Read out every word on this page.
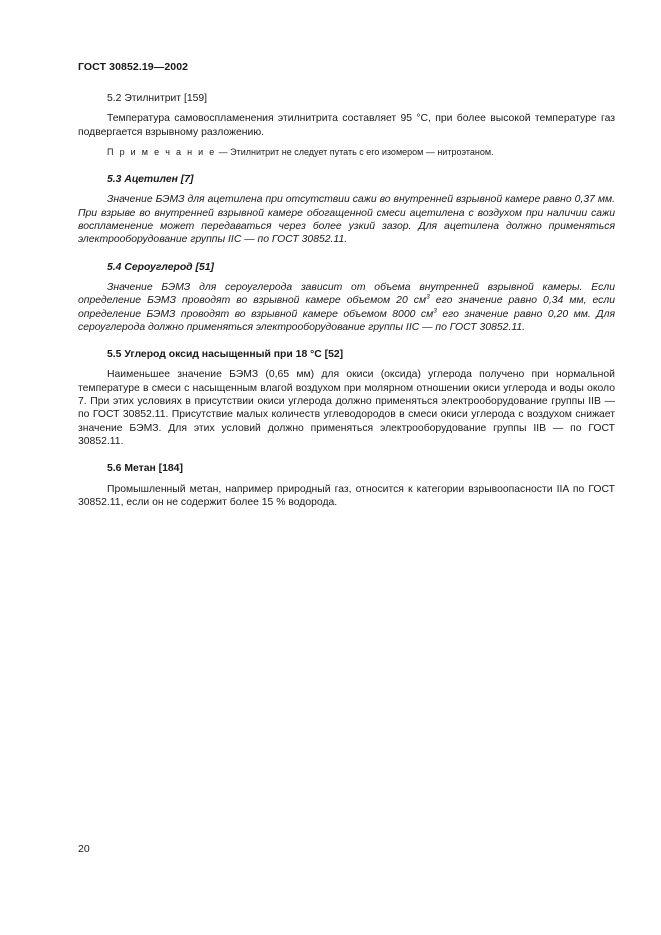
ГОСТ 30852.19—2002

5.2 Этилнитрит [159]

Температура самовоспламенения этилнитрита составляет 95 °С, при более высокой температуре газ подвергается взрывному разложению.

П р и м е ч а н и е — Этилнитрит не следует путать с его изомером — нитроэтаном.

5.3 Ацетилен [7]

Значение БЭМЗ для ацетилена при отсутствии сажи во внутренней взрывной камере равно 0,37 мм. При взрыве во внутренней взрывной камере обогащенной смеси ацетилена с воздухом при наличии сажи воспламенение может передаваться через более узкий зазор. Для ацетилена должно применяться электрооборудование группы IIC — по ГОСТ 30852.11.

5.4 Сероуглерод [51]

Значение БЭМЗ для сероуглерода зависит от объема внутренней взрывной камеры. Если определение БЭМЗ проводят во взрывной камере объемом 20 $см^3$ его значение равно 0,34 мм, если определение БЭМЗ проводят во взрывной камере объемом 8000 $см^3$ его значение равно 0,20 мм. Для сероуглерода должно применяться электрооборудование группы IIC — по ГОСТ 30852.11.

5.5 Углерод оксид насыщенный при 18 °С [52]

Наименьшее значение БЭМЗ (0,65 мм) для окиси (оксида) углерода получено при нормальной температуре в смеси с насыщенным влагой воздухом при молярном отношении окиси углерода и воды около 7. При этих условиях в присутствии окиси углерода должно применяться электрооборудование группы IIB — по ГОСТ 30852.11. Присутствие малых количеств углеводородов в смеси окиси углерода с воздухом снижает значение БЭМЗ. Для этих условий должно применяться электрооборудование группы IIB — по ГОСТ 30852.11.

5.6 Метан [184]

Промышленный метан, например природный газ, относится к категории взрывоопасности IIA по ГОСТ 30852.11, если он не содержит более 15 % водорода.

20
